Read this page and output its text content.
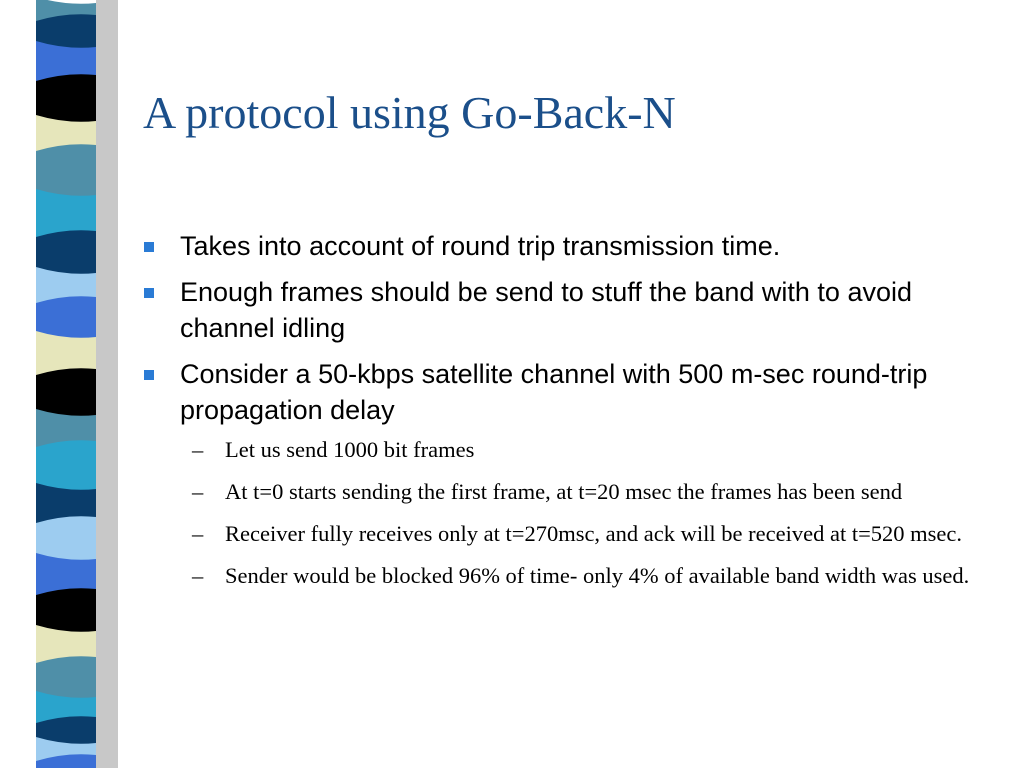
A protocol using Go-Back-N
Takes into account of round trip transmission time.
Enough frames should be send to stuff the band with to avoid channel idling
Consider a 50-kbps satellite channel with 500 m-sec round-trip propagation delay
– Let us send 1000 bit frames
– At t=0 starts sending the first frame, at t=20 msec the frames has been send
– Receiver fully receives only at t=270msc, and ack will be received at t=520 msec.
– Sender would be blocked 96% of time- only 4% of available band width was used.
